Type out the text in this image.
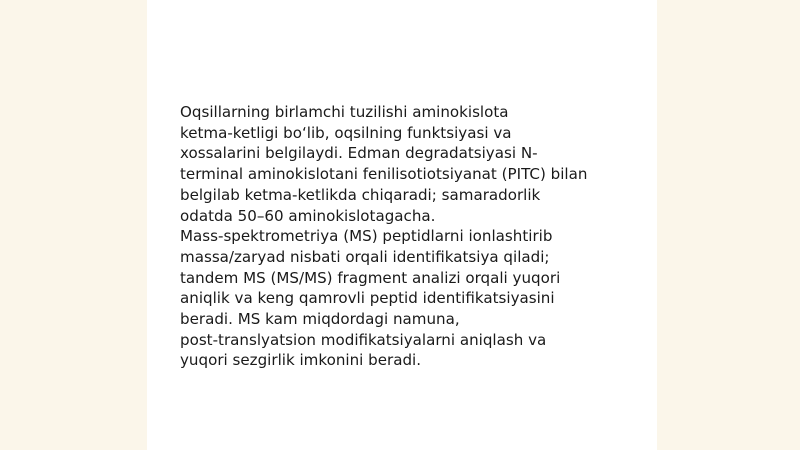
Oqsillarning birlamchi tuzilishi aminokislota
ketma-ketligi bo‘lib, oqsilning funktsiyasi va
xossalarini belgilaydi. Edman degradatsiyasi N-
terminal aminokislotani fenilisotiotsiyanat (PITC) bilan
belgilab ketma-ketlikda chiqaradi; samaradorlik
odatda 50–60 aminokislotagacha.
Mass-spektrometriya (MS) peptidlarni ionlashtirib
massa/zaryad nisbati orqali identifikatsiya qiladi;
tandem MS (MS/MS) fragment analizi orqali yuqori
aniqlik va keng qamrovli peptid identifikatsiyasini
beradi. MS kam miqdordagi namuna,
post-translyatsion modifikatsiyalarni aniqlash va
yuqori sezgirlik imkonini beradi.
